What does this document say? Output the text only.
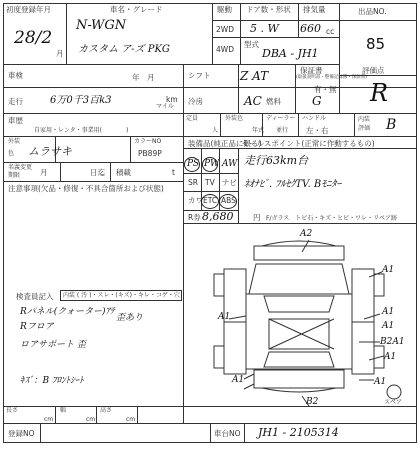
初度登録年月
28/2
月
車名・グレード
N-WGN
カスタム ア-ズ PKG
駆動
2WD
4WD
ドア数・形状
5 . W
排気量
660 cc
型式
DBA - JH1
出品NO.
85
車検	年　月	シフト Z AT	保証書
(取扱説明書・整備記録簿・保証書)
有・無
評価点
R
走行	6万0千3百k3	km
マイル
冷房	AC 燃料	G
車歴
自家用・レンタ・事業用(　　　　)
定員
人
外装色
年式
ディーラー
並行
ハンドル
左・右
内装
評価 B
外装
色 ムラサキ
カラーNO
PB89P
装備品(純正品に限る)
セールスポイント(正常に作動するもの)
名義変更
期限	月	日迄 積載	t
PS PW AW
SR TV ナビ
カワ ETC ABS
R券 8,680	円 F/ガラス　トビ石・キズ・ヒビ・ワレ・リペア跡
注意事項(欠品・修復・不具合箇所および状態)
走行63km台
ﾈｵﾅﾋﾞ. ﾌﾙｾｸTV. Bﾓﾆﾀｰ
検査員記入 内装 ( 汚 )・スレ・(キズ)・キレ・コゲ・穴
Rパネル(クォーター)ｱﾃ
歪あり
Rフロア
ロアサポート 歪
ｷｽﾞ：B ﾌﾛﾝﾄｼｰﾄ
A2
A1
A1	A1
A1
B2A1
A1
A1	A1
B2	スペア
長さ
cm
幅
cm
高さ
cm
登録NO	車台NO JH1 - 2105314
